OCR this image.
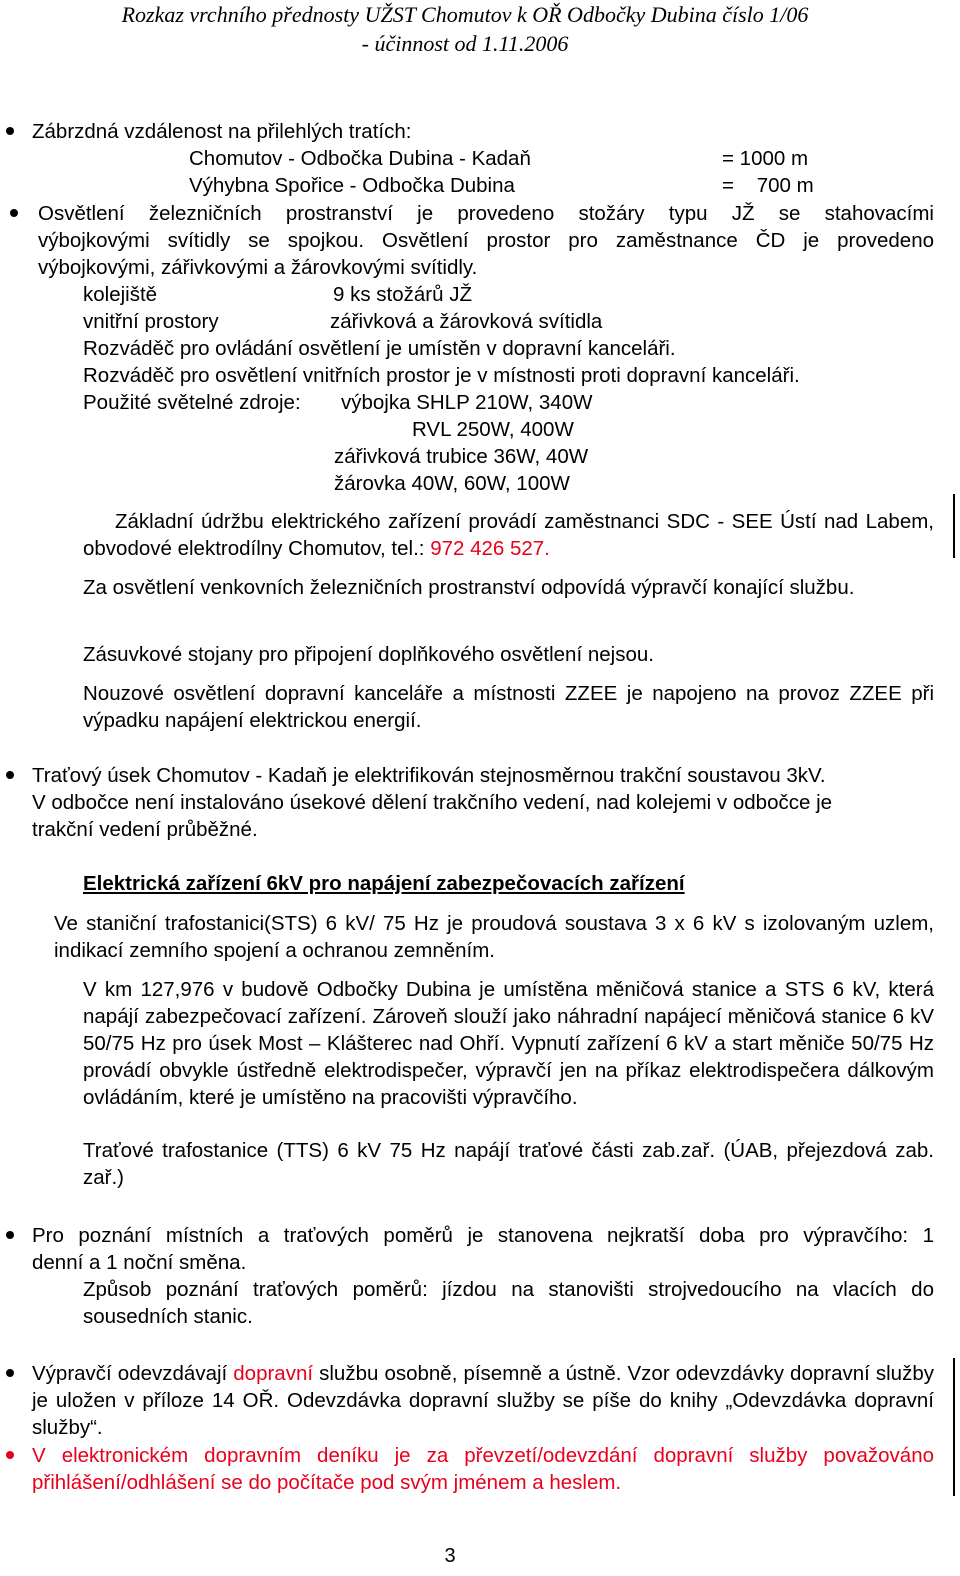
Rozkaz vrchního přednosty UŽST Chomutov k OŘ Odbočky Dubina číslo 1/06
- účinnost od 1.11.2006
Zábrzdná vzdálenost na přilehlých tratích:
Chomutov - Odbočka Dubina - Kadaň	= 1000 m
Výhybna Spořice - Odbočka Dubina	=    700 m
Osvětlení železničních prostranství je provedeno stožáry typu JŽ se stahovacími
výbojkovými svítidly se spojkou. Osvětlení prostor pro zaměstnance ČD je provedeno
výbojkovými, zářivkovými a žárovkovými svítidly.
kolejiště	9 ks stožárů JŽ
vnitřní prostory	zářivková a žárovková svítidla
Rozváděč pro ovládání osvětlení je umístěn v dopravní kanceláři.
Rozváděč pro osvětlení vnitřních prostor je v místnosti proti dopravní kanceláři.
Použité světelné zdroje: výbojka SHLP 210W, 340W
RVL 250W, 400W
zářivková trubice 36W, 40W
žárovka 40W, 60W, 100W
Základní údržbu elektrického zařízení provádí zaměstnanci SDC - SEE Ústí nad Labem, obvodové elektrodílny Chomutov, tel.: 972 426 527.
Za osvětlení venkovních železničních prostranství odpovídá výpravčí konající službu.
Zásuvkové stojany pro připojení doplňkového osvětlení nejsou.
Nouzové osvětlení dopravní kanceláře a místnosti ZZEE je napojeno na provoz ZZEE při výpadku napájení elektrickou energií.
Traťový úsek Chomutov - Kadaň je elektrifikován stejnosměrnou trakční soustavou 3kV.
V odbočce není instalováno úsekové dělení trakčního vedení, nad kolejemi v odbočce je
trakční vedení průběžné.
Elektrická zařízení 6kV pro napájení zabezpečovacích zařízení
Ve staniční trafostanici(STS) 6 kV/ 75 Hz je proudová soustava 3 x 6 kV s izolovaným uzlem, indikací zemního spojení a ochranou zemněním.
V km 127,976 v budově Odbočky Dubina je umístěna měničová stanice a STS 6 kV, která napájí zabezpečovací zařízení. Zároveň slouží jako náhradní napájecí měničová stanice 6 kV 50/75 Hz pro úsek Most – Klášterec nad Ohří. Vypnutí zařízení 6 kV a start měniče 50/75 Hz provádí obvykle ústředně elektrodispečer, výpravčí jen na příkaz elektrodispečera dálkovým ovládáním, které je umístěno na pracovišti výpravčího.
Traťové trafostanice (TTS) 6 kV 75 Hz napájí traťové části zab.zař. (ÚAB, přejezdová zab. zař.)
Pro poznání místních a traťových poměrů je stanovena nejkratší doba pro výpravčího: 1
denní a 1 noční směna.
Způsob poznání traťových poměrů: jízdou na stanovišti strojvedoucího na vlacích do sousedních stanic.
Výpravčí odevzdávají dopravní službu osobně, písemně a ústně. Vzor odevzdávky dopravní služby je uložen v příloze 14 OŘ. Odevzdávka dopravní služby se píše do knihy „Odevzdávka dopravní služby“.
V elektronickém dopravním deníku je za převzetí/odevzdání dopravní služby považováno přihlášení/odhlášení se do počítače pod svým jménem a heslem.
3
